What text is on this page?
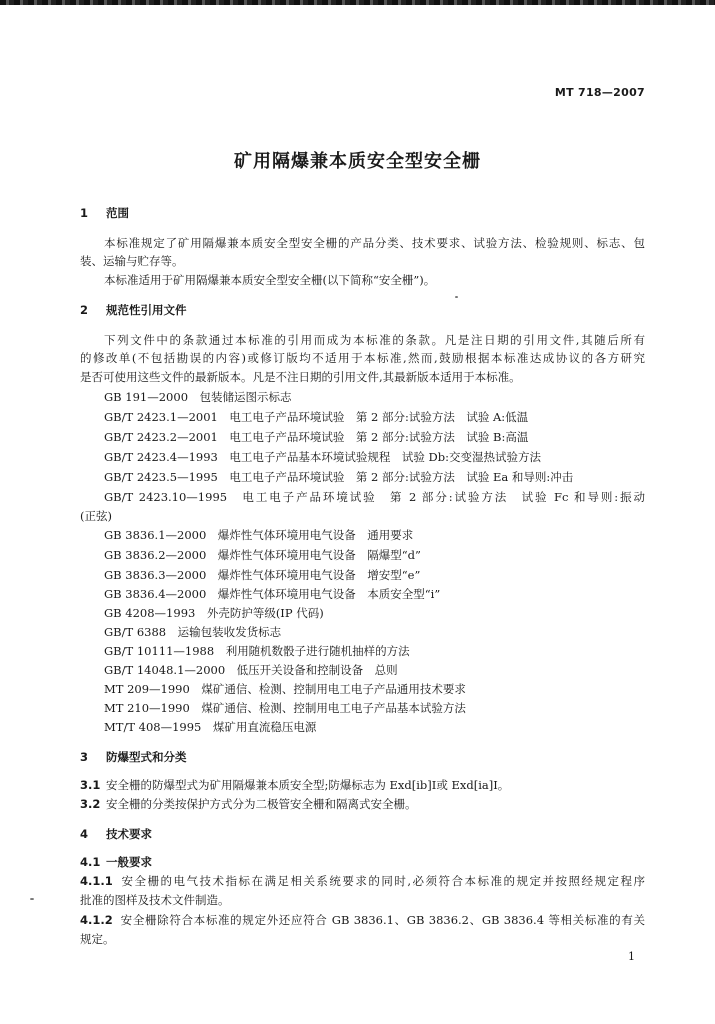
MT 718—2007
矿用隔爆兼本质安全型安全栅
1 范围
本标准规定了矿用隔爆兼本质安全型安全栅的产品分类、技术要求、试验方法、检验规则、标志、包
装、运输与贮存等。
本标准适用于矿用隔爆兼本质安全型安全栅(以下简称“安全栅”)。
2 规范性引用文件
下列文件中的条款通过本标准的引用而成为本标准的条款。凡是注日期的引用文件,其随后所有
的修改单(不包括勘误的内容)或修订版均不适用于本标准,然而,鼓励根据本标准达成协议的各方研究
是否可使用这些文件的最新版本。凡是不注日期的引用文件,其最新版本适用于本标准。
GB 191—2000　包装储运图示标志
GB/T 2423.1—2001　电工电子产品环境试验　第 2 部分:试验方法　试验 A:低温
GB/T 2423.2—2001　电工电子产品环境试验　第 2 部分:试验方法　试验 B:高温
GB/T 2423.4—1993　电工电子产品基本环境试验规程　试验 Db:交变湿热试验方法
GB/T 2423.5—1995　电工电子产品环境试验　第 2 部分:试验方法　试验 Ea 和导则:冲击
GB/T 2423.10—1995　电工电子产品环境试验　第 2 部分:试验方法　试验 Fc 和导则:振动
(正弦)
GB 3836.1—2000　爆炸性气体环境用电气设备　通用要求
GB 3836.2—2000　爆炸性气体环境用电气设备　隔爆型“d”
GB 3836.3—2000　爆炸性气体环境用电气设备　增安型“e”
GB 3836.4—2000　爆炸性气体环境用电气设备　本质安全型“i”
GB 4208—1993　外壳防护等级(IP 代码)
GB/T 6388　运输包装收发货标志
GB/T 10111—1988　利用随机数骰子进行随机抽样的方法
GB/T 14048.1—2000　低压开关设备和控制设备　总则
MT 209—1990　煤矿通信、检测、控制用电工电子产品通用技术要求
MT 210—1990　煤矿通信、检测、控制用电工电子产品基本试验方法
MT/T 408—1995　煤矿用直流稳压电源
3 防爆型式和分类
3.1 安全栅的防爆型式为矿用隔爆兼本质安全型;防爆标志为 Exd[ib]Ⅰ或 Exd[ia]Ⅰ。
3.2 安全栅的分类按保护方式分为二极管安全栅和隔离式安全栅。
4 技术要求
4.1 一般要求
4.1.1 安全栅的电气技术指标在满足相关系统要求的同时,必须符合本标准的规定并按照经规定程序
批准的图样及技术文件制造。
4.1.2 安全栅除符合本标准的规定外还应符合 GB 3836.1、GB 3836.2、GB 3836.4 等相关标准的有关
规定。
1
